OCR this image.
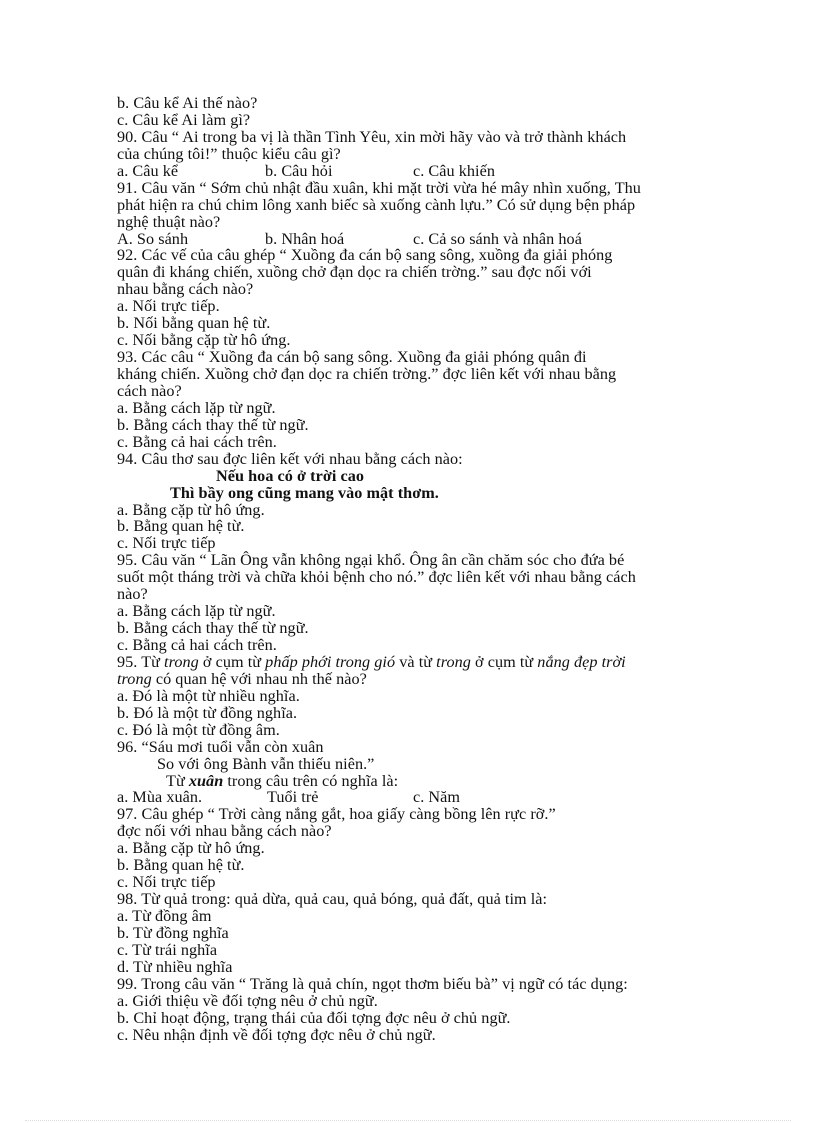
b. Câu kể Ai thế nào?
c. Câu kể Ai làm gì?
90. Câu “ Ai trong ba vị là thần Tình Yêu, xin mời hãy vào và trở thành khách
của chúng tôi!” thuộc kiểu câu gì?
a. Câu kể	b. Câu hỏi	c. Câu khiến
91. Câu văn “ Sớm chủ nhật đầu xuân, khi mặt trời vừa hé mây nhìn xuống, Thu
phát hiện ra chú chim lông xanh biếc sà xuống cành lựu.” Có sử dụng bện pháp
nghệ thuật nào?
A. So sánh	b. Nhân hoá	c. Cả so sánh và nhân hoá
92. Các vế của câu ghép “ Xuồng đa cán bộ sang sông, xuồng đa giải phóng
quân đi kháng chiến, xuồng chở đạn dọc ra chiến trờng.” sau đợc nối với
nhau bằng cách nào?
a. Nối trực tiếp.
b. Nối bằng quan hệ từ.
c. Nối bằng cặp từ hô ứng.
93. Các câu “ Xuồng đa cán bộ sang sông. Xuồng đa giải phóng quân đi
kháng chiến. Xuồng chở đạn dọc ra chiến trờng.” đợc liên kết với nhau bằng
cách nào?
a. Bằng cách lặp từ ngữ.
b. Bằng cách thay thế từ ngữ.
c. Bằng cả hai cách trên.
94. Câu thơ sau đợc liên kết với nhau bằng cách nào:
Nếu hoa có ở trời cao
Thì bầy ong cũng mang vào mật thơm.
a. Bằng cặp từ hô ứng.
b. Bằng quan hệ từ.
c. Nối trực tiếp
95. Câu văn “ Lãn Ông vẫn không ngại khổ. Ông ân cần chăm sóc cho đứa bé
suốt một tháng trời và chữa khỏi bệnh cho nó.” đợc liên kết với nhau bằng cách
nào?
a. Bằng cách lặp từ ngữ.
b. Bằng cách thay thế từ ngữ.
c. Bằng cả hai cách trên.
95. Từ trong ở cụm từ phấp phới trong gió và từ trong ở cụm từ nắng đẹp trời
trong có quan hệ với nhau nh thế nào?
a. Đó là một từ nhiều nghĩa.
b. Đó là một từ đồng nghĩa.
c. Đó là một từ đồng âm.
96. “Sáu mơi tuổi vẫn còn xuân
So với ông Bành vẫn thiếu niên.”
Từ xuân trong câu trên có nghĩa là:
a. Mùa xuân.	Tuổi trẻ	c. Năm
97. Câu ghép “ Trời càng nắng gắt, hoa giấy càng bồng lên rực rỡ.”
đợc nối với nhau bằng cách nào?
a. Bằng cặp từ hô ứng.
b. Bằng quan hệ từ.
c. Nối trực tiếp
98. Từ quả trong: quả dừa, quả cau, quả bóng, quả đất, quả tim là:
a. Từ đồng âm
b. Từ đồng nghĩa
c. Từ trái nghĩa
d. Từ nhiều nghĩa
99. Trong câu văn “ Trăng là quả chín, ngọt thơm biếu bà” vị ngữ có tác dụng:
a. Giới thiệu về đối tợng nêu ở chủ ngữ.
b. Chỉ hoạt động, trạng thái của đối tợng đợc nêu ở chủ ngữ.
c. Nêu nhận định về đối tợng đợc nêu ở chủ ngữ.
